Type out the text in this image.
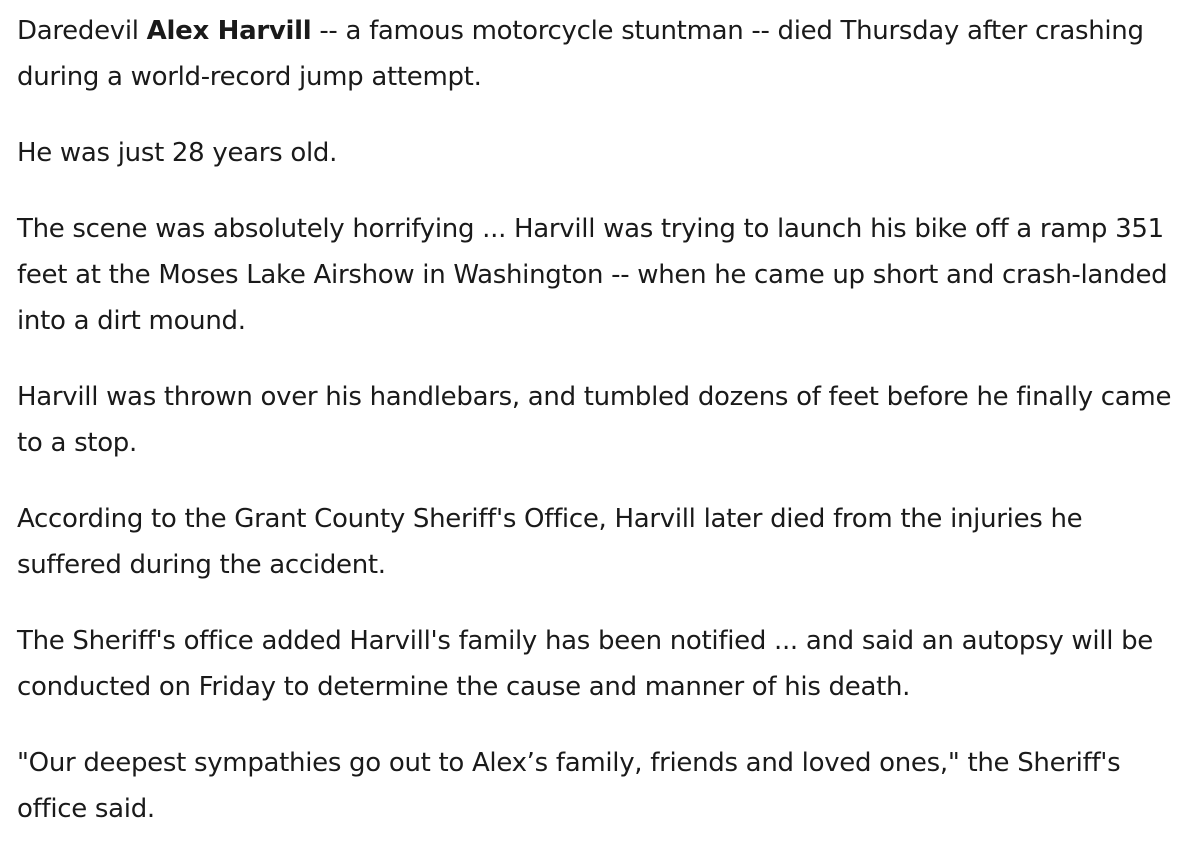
Daredevil Alex Harvill -- a famous motorcycle stuntman -- died Thursday after crashing during a world-record jump attempt.

He was just 28 years old.

The scene was absolutely horrifying ... Harvill was trying to launch his bike off a ramp 351 feet at the Moses Lake Airshow in Washington -- when he came up short and crash-landed into a dirt mound.

Harvill was thrown over his handlebars, and tumbled dozens of feet before he finally came to a stop.

According to the Grant County Sheriff's Office, Harvill later died from the injuries he suffered during the accident.

The Sheriff's office added Harvill's family has been notified ... and said an autopsy will be conducted on Friday to determine the cause and manner of his death.

"Our deepest sympathies go out to Alex’s family, friends and loved ones," the Sheriff's office said.
